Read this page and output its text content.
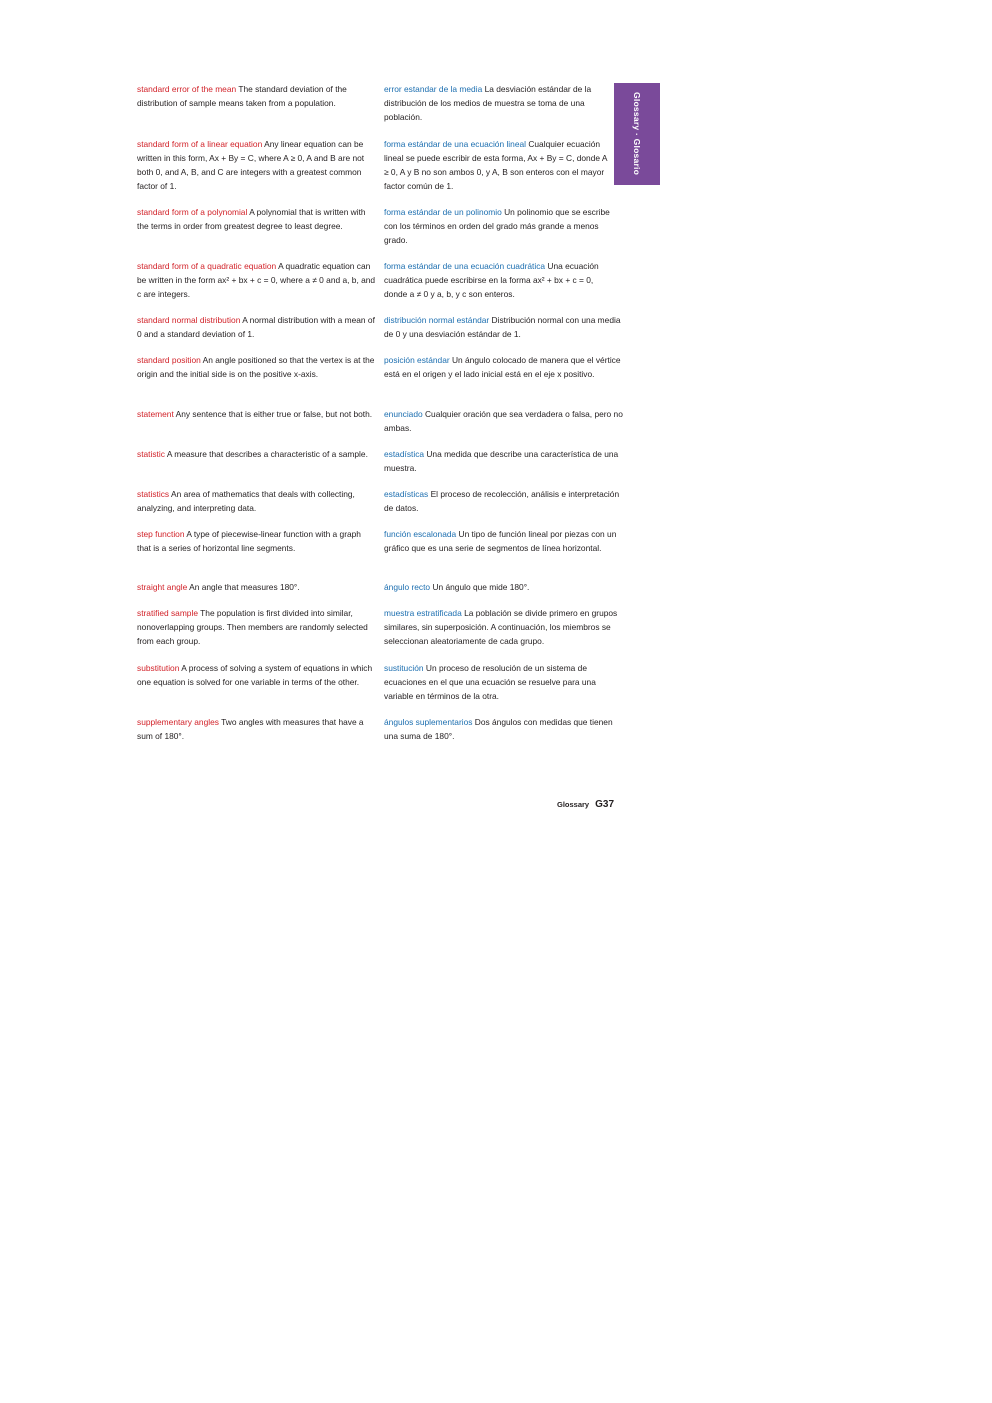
standard error of the mean The standard deviation of the distribution of sample means taken from a population.
standard form of a linear equation Any linear equation can be written in this form, Ax + By = C, where A ≥ 0, A and B are not both 0, and A, B, and C are integers with a greatest common factor of 1.
standard form of a polynomial A polynomial that is written with the terms in order from greatest degree to least degree.
standard form of a quadratic equation A quadratic equation can be written in the form ax² + bx + c = 0, where a ≠ 0 and a, b, and c are integers.
standard normal distribution A normal distribution with a mean of 0 and a standard deviation of 1.
standard position An angle positioned so that the vertex is at the origin and the initial side is on the positive x-axis.
statement Any sentence that is either true or false, but not both.
statistic A measure that describes a characteristic of a sample.
statistics An area of mathematics that deals with collecting, analyzing, and interpreting data.
step function A type of piecewise-linear function with a graph that is a series of horizontal line segments.
straight angle An angle that measures 180°.
stratified sample The population is first divided into similar, nonoverlapping groups. Then members are randomly selected from each group.
substitution A process of solving a system of equations in which one equation is solved for one variable in terms of the other.
supplementary angles Two angles with measures that have a sum of 180°.
error estandar de la media La desviación estándar de la distribución de los medios de muestra se toma de una población.
forma estándar de una ecuación lineal Cualquier ecuación lineal se puede escribir de esta forma, Ax + By = C, donde A ≥ 0, A y B no son ambos 0, y A, B son enteros con el mayor factor común de 1.
forma estándar de un polinomio Un polinomio que se escribe con los términos en orden del grado más grande a menos grado.
forma estándar de una ecuación cuadrática Una ecuación cuadrática puede escribirse en la forma ax² + bx + c = 0, donde a ≠ 0 y a, b, y c son enteros.
distribución normal estándar Distribución normal con una media de 0 y una desviación estándar de 1.
posición estándar Un ángulo colocado de manera que el vértice está en el origen y el lado inicial está en el eje x positivo.
enunciado Cualquier oración que sea verdadera o falsa, pero no ambas.
estadística Una medida que describe una característica de una muestra.
estadísticas El proceso de recolección, análisis e interpretación de datos.
función escalonada Un tipo de función lineal por piezas con un gráfico que es una serie de segmentos de línea horizontal.
ángulo recto Un ángulo que mide 180°.
muestra estratificada La población se divide primero en grupos similares, sin superposición. A continuación, los miembros se seleccionan aleatoriamente de cada grupo.
sustitución Un proceso de resolución de un sistema de ecuaciones en el que una ecuación se resuelve para una variable en términos de la otra.
ángulos suplementarios Dos ángulos con medidas que tienen una suma de 180°.
Glossary · Glosario
Glossary G37
